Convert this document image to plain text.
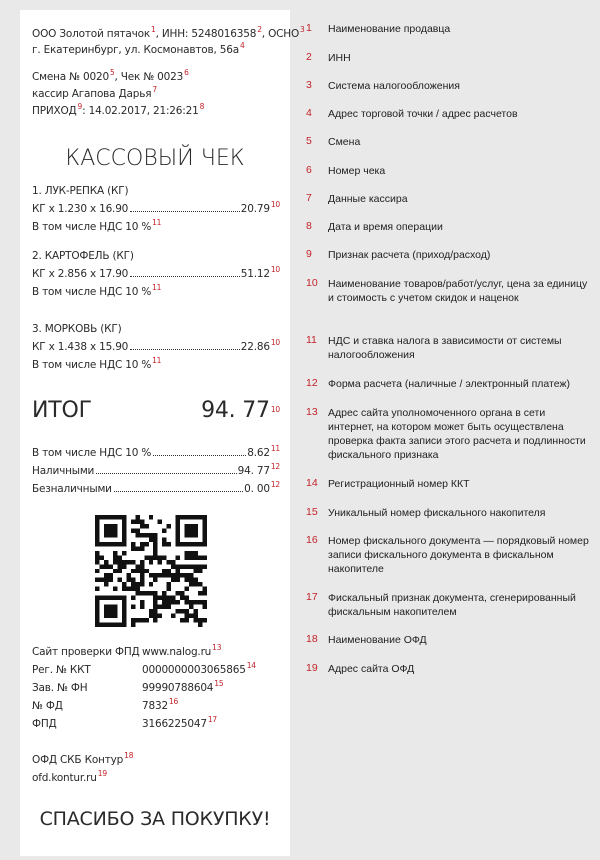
ООО Золотой пятачок$^1$, ИНН: 5248016358$^2$, ОСНО$^3$
г. Екатеринбург, ул. Космонавтов, $56а^4$
Смена № 0020$^5$, Чек № 0023$^6$
кассир Агапова Дарья$^7$
ПРИХОД$^9$: 14.02.2017, $21:26:21^8$
КАССОВЫЙ ЧЕК
1. ЛУК-РЕПКА (КГ)
КГ x 1.230 x 16.90	20.79 10
В том числе НДС 10 %$^{11}$
2. КАРТОФЕЛЬ (КГ)
КГ x 2.856 x 17.90	51.12 10
В том числе НДС 10 %$^{11}$
3. МОРКОВЬ (КГ)
КГ x 1.438 x 15.90	22.86 10
В том числе НДС 10 %$^{11}$
ИТОГ	94. $77^{10}$
В том числе НДС 10 %	8.62 11
Наличными	94. 77 12
Безналичными	0. 00 12
Сайт проверки ФПД $www.nalog.ru^{13}$
Рег. № ККТ	0000000003065865$^{14}$
Зав. № ФН	99990788604$^{15}$
№ ФД	7832$^{16}$
ФПД	3166225047$^{17}$
ОФД СКБ Контур$^{18}$
$ofd.kontur.ru^{19}$
СПАСИБО ЗА ПОКУПКУ!
1	Наименование продавца
2	ИНН
3	Система налогообложения
4	Адрес торговой точки / адрес расчетов
5	Смена
6	Номер чека
7	Данные кассира
8	Дата и время операции
9	Признак расчета (приход/расход)
10 Наименование товаров/работ/услуг, цена за единицу и стоимость с учетом скидок и наценок
11	НДС и ставка налога в зависимости от системы налогообложения
12 Форма расчета (наличные / электронный платеж)
13 Адрес сайта уполномоченного органа в сети интернет, на котором может быть осуществлена проверка факта записи этого расчета и подлинности фискального признака
14 Регистрационный номер ККТ
15 Уникальный номер фискального накопителя
16 Номер фискального документа — порядковый номер записи фискального документа в фискальном накопителе
17 Фискальный признак документа, сгенерированный фискальным накопителем
18 Наименование ОФД
19 Адрес сайта ОФД
